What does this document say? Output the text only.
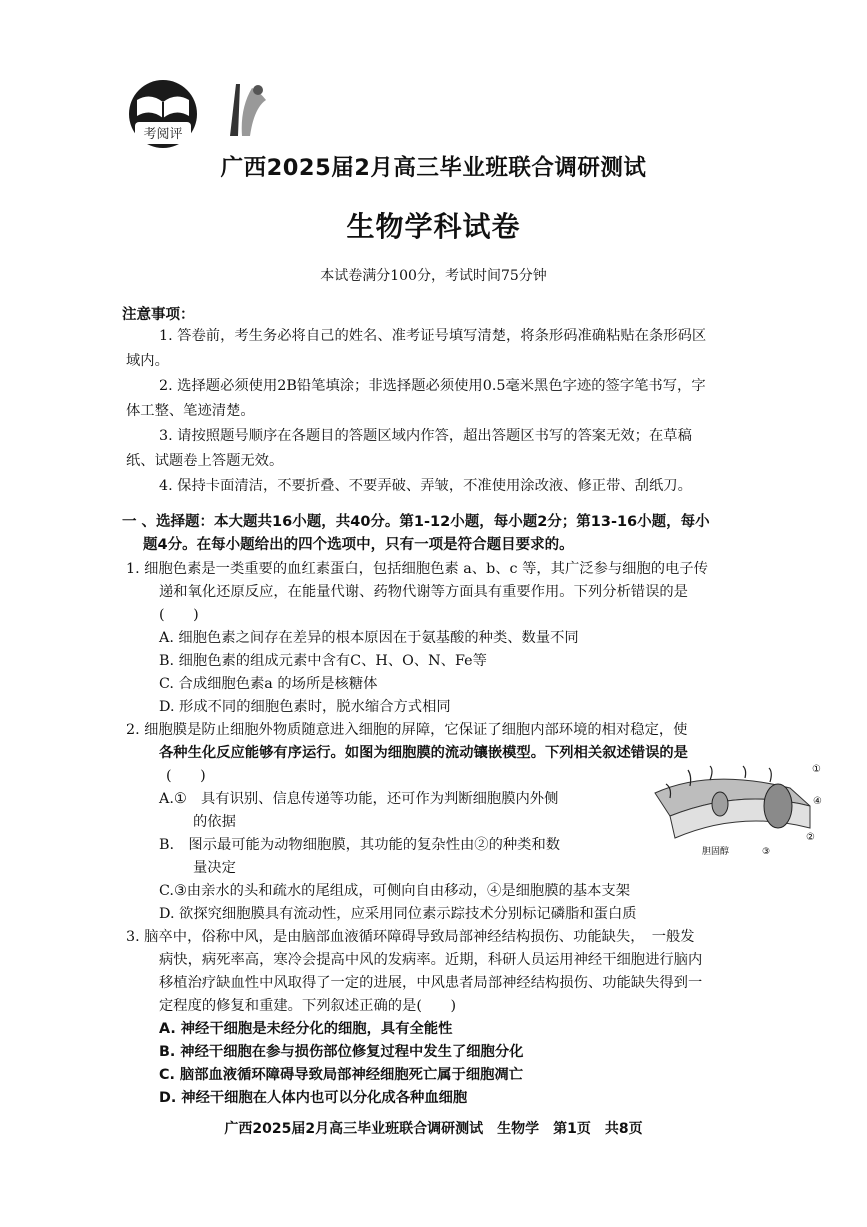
考阅评
广西2025届2月高三毕业班联合调研测试
生物学科试卷
本试卷满分100分，考试时间75分钟
注意事项：
1. 答卷前，考生务必将自己的姓名、准考证号填写清楚，将条形码准确粘贴在条形码区
域内。
2. 选择题必须使用2B铅笔填涂；非选择题必须使用0.5毫米黑色字迹的签字笔书写，字
体工整、笔迹清楚。
3. 请按照题号顺序在各题目的答题区域内作答，超出答题区书写的答案无效；在草稿
纸、试题卷上答题无效。
4. 保持卡面清洁，不要折叠、不要弄破、弄皱，不准使用涂改液、修正带、刮纸刀。
一 、选择题：本大题共16小题，共40分。第1-12小题，每小题2分；第13-16小题，每小
题4分。在每小题给出的四个选项中，只有一项是符合题目要求的。
1. 细胞色素是一类重要的血红素蛋白，包括细胞色素 a、b、c 等，其广泛参与细胞的电子传
递和氧化还原反应，在能量代谢、药物代谢等方面具有重要作用。下列分析错误的是
(　　)
A. 细胞色素之间存在差异的根本原因在于氨基酸的种类、数量不同
B. 细胞色素的组成元素中含有C、H、O、N、Fe等
C. 合成细胞色素a 的场所是核糖体
D. 形成不同的细胞色素时，脱水缩合方式相同
2. 细胞膜是防止细胞外物质随意进入细胞的屏障，它保证了细胞内部环境的相对稳定，使
各种生化反应能够有序运行。如图为细胞膜的流动镶嵌模型。下列相关叙述错误的是
(　　)
A.①　具有识别、信息传递等功能，还可作为判断细胞膜内外侧
的依据
B.　图示最可能为动物细胞膜，其功能的复杂性由②的种类和数
量决定
C.③由亲水的头和疏水的尾组成，可侧向自由移动，④是细胞膜的基本支架
D. 欲探究细胞膜具有流动性，应采用同位素示踪技术分别标记磷脂和蛋白质
①
④
②
③
胆固醇
3. 脑卒中，俗称中风，是由脑部血液循环障碍导致局部神经结构损伤、功能缺失，　一般发
病快，病死率高，寒冷会提高中风的发病率。近期，科研人员运用神经干细胞进行脑内
移植治疗缺血性中风取得了一定的进展，中风患者局部神经结构损伤、功能缺失得到一
定程度的修复和重建。下列叙述正确的是(　　)
A. 神经干细胞是未经分化的细胞，具有全能性
B. 神经干细胞在参与损伤部位修复过程中发生了细胞分化
C. 脑部血液循环障碍导致局部神经细胞死亡属于细胞凋亡
D. 神经干细胞在人体内也可以分化成各种血细胞
广西2025届2月高三毕业班联合调研测试　生物学　第1页　共8页
